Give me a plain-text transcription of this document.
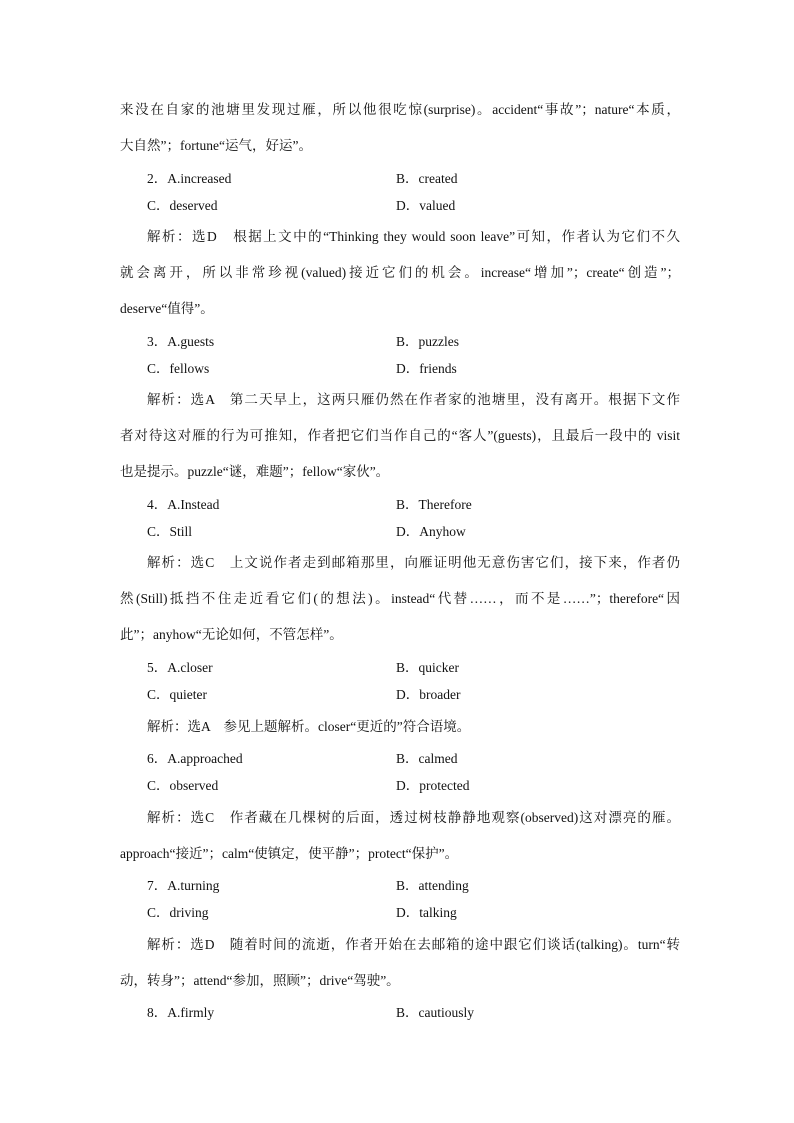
来没在自家的池塘里发现过雁，所以他很吃惊(surprise)。accident“事故”；nature“本质，
大自然”；fortune“运气，好运”。
2．A.increased	B．created
C．deserved	D．valued
解析：选D　根据上文中的“Thinking they would soon leave”可知，作者认为它们不久
就会离开，所以非常珍视(valued)接近它们的机会。increase“增加”；create“创造”；
deserve“值得”。
3．A.guests	B．puzzles
C．fellows	D．friends
解析：选A　第二天早上，这两只雁仍然在作者家的池塘里，没有离开。根据下文作
者对待这对雁的行为可推知，作者把它们当作自己的“客人”(guests)，且最后一段中的 visit
也是提示。puzzle“谜，难题”；fellow“家伙”。
4．A.Instead	B．Therefore
C．Still	D．Anyhow
解析：选C　上文说作者走到邮箱那里，向雁证明他无意伤害它们，接下来，作者仍
然(Still)抵挡不住走近看它们(的想法)。instead“代替……，而不是……”；therefore“因
此”；anyhow“无论如何，不管怎样”。
5．A.closer	B．quicker
C．quieter	D．broader
解析：选A　参见上题解析。closer“更近的”符合语境。
6．A.approached	B．calmed
C．observed	D．protected
解析：选C　作者藏在几棵树的后面，透过树枝静静地观察(observed)这对漂亮的雁。
approach“接近”；calm“使镇定，使平静”；protect“保护”。
7．A.turning	B．attending
C．driving	D．talking
解析：选D　随着时间的流逝，作者开始在去邮箱的途中跟它们谈话(talking)。turn“转
动，转身”；attend“参加，照顾”；drive“驾驶”。
8．A.firmly	B．cautiously
